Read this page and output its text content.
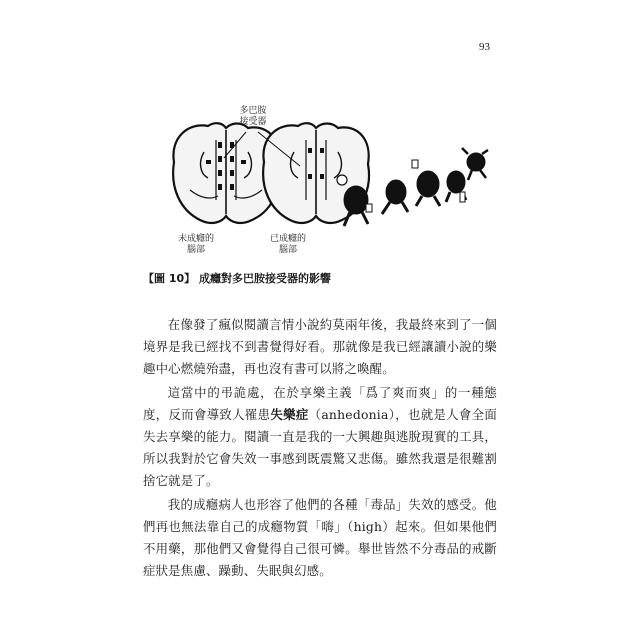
93
多巴胺
接受器
未成癮的
腦部
已成癮的
腦部
【圖 10】 成癮對多巴胺接受器的影響

在像發了瘋似閱讀言情小說約莫兩年後，我最終來到了一個境界是我已經找不到書覺得好看。那就像是我已經讓讀小說的樂趣中心燃燒殆盡，再也沒有書可以將之喚醒。

這當中的弔詭處，在於享樂主義「爲了爽而爽」的一種態度，反而會導致人罹患失樂症（anhedonia），也就是人會全面失去享樂的能力。閱讀一直是我的一大興趣與逃脫現實的工具，所以我對於它會失效一事感到既震驚又悲傷。雖然我還是很難割捨它就是了。

我的成癮病人也形容了他們的各種「毒品」失效的感受。他們再也無法靠自己的成癮物質「嗨」（high）起來。但如果他們不用藥，那他們又會覺得自己很可憐。舉世皆然不分毒品的戒斷症狀是焦慮、躁動、失眠與幻感。
